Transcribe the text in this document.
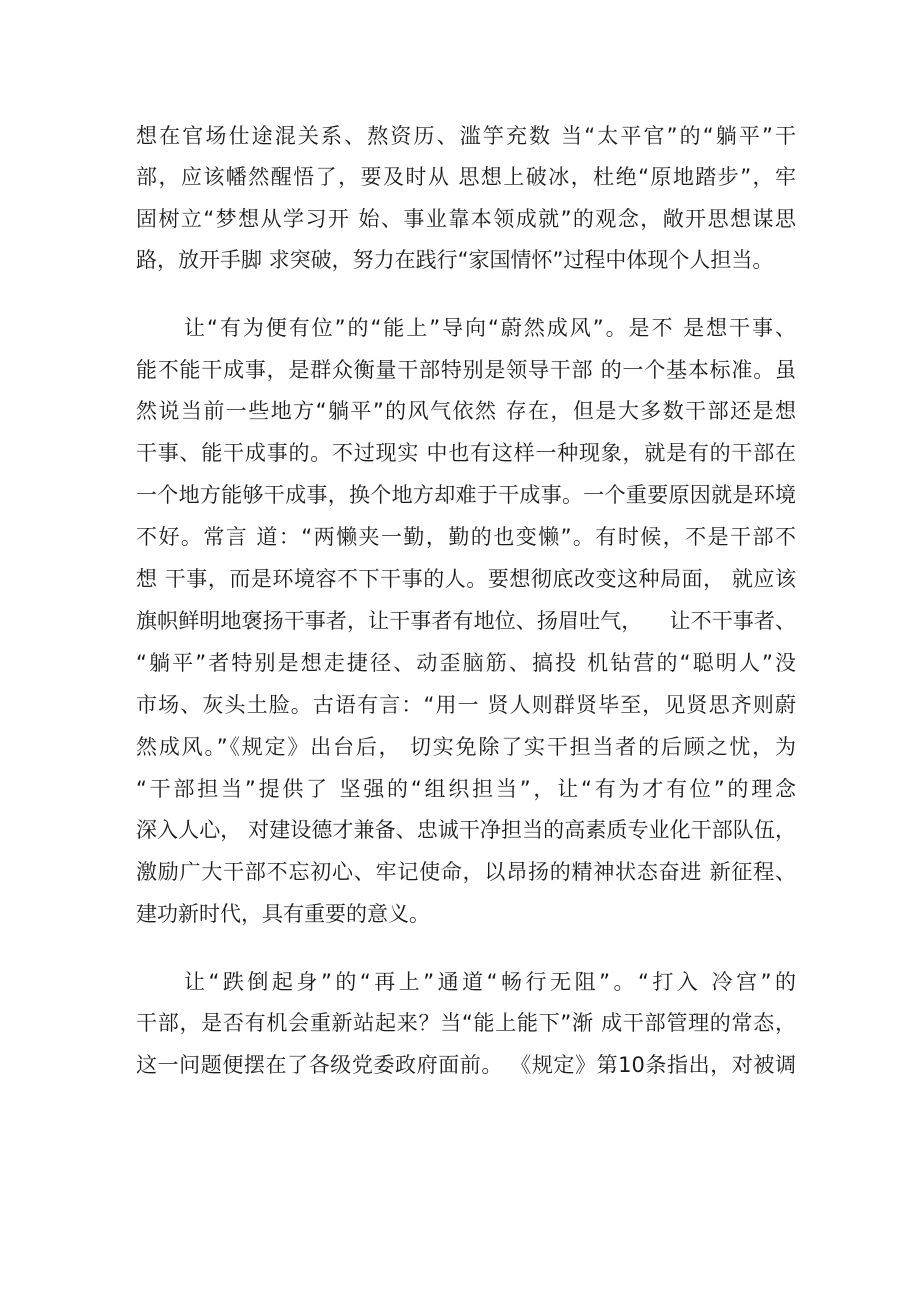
想在官场仕途混关系、熬资历、滥竽充数 当“太平官”的“躺平”干
部，应该幡然醒悟了，要及时从 思想上破冰，杜绝“原地踏步”，牢
固树立“梦想从学习开 始、事业靠本领成就”的观念，敞开思想谋思
路，放开手脚 求突破，努力在践行“家国情怀”过程中体现个人担当。
让“有为便有位”的“能上”导向“蔚然成风”。是不 是想干事、
能不能干成事，是群众衡量干部特别是领导干部 的一个基本标准。虽
然说当前一些地方“躺平”的风气依然 存在，但是大多数干部还是想
干事、能干成事的。不过现实 中也有这样一种现象，就是有的干部在
一个地方能够干成事，换个地方却难于干成事。一个重要原因就是环境
不好。常言 道：“两懒夹一勤，勤的也变懒”。有时候，不是干部不
想 干事，而是环境容不下干事的人。要想彻底改变这种局面， 就应该
旗帜鲜明地褒扬干事者，让干事者有地位、扬眉吐气，    让不干事者、
“躺平”者特别是想走捷径、动歪脑筋、搞投 机钻营的“聪明人”没
市场、灰头土脸。古语有言：“用一 贤人则群贤毕至，见贤思齐则蔚
然成风。”《规定》出台后， 切实免除了实干担当者的后顾之忧，为
“干部担当”提供了 坚强的“组织担当”，让“有为才有位”的理念
深入人心， 对建设德才兼备、忠诚干净担当的高素质专业化干部队伍，
激励广大干部不忘初心、牢记使命，以昂扬的精神状态奋进 新征程、
建功新时代，具有重要的意义。
让“跌倒起身”的“再上”通道“畅行无阻”。“打入 冷宫”的
干部，是否有机会重新站起来？当“能上能下”渐 成干部管理的常态，
这一问题便摆在了各级党委政府面前。 《规定》第10条指出，对被调
